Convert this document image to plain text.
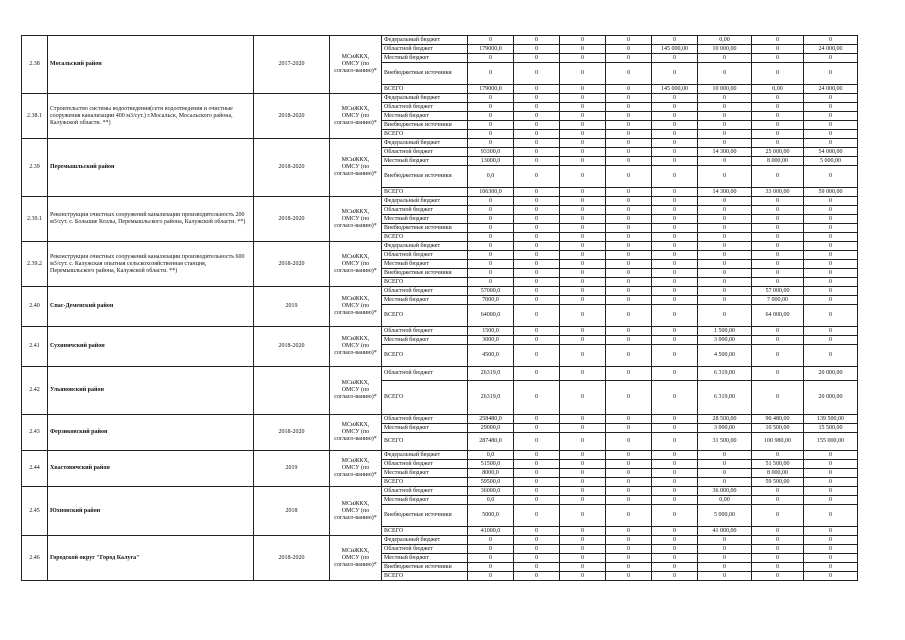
2.38	Мосальский район	2017-2020	МСиЖКХ, ОМСУ (по согласо-ванию)*	Федеральный бюджет	0	0	0	0	0	0,00	0	0
				Областной бюджет	179000,0	0	0	0	145 000,00	10 000,00	0	24 000,00
				Местный бюджет	0	0	0	0	0	0	0	0
				Внебюджетные источники	0	0	0	0	0	0	0	0
				ВСЕГО	179000,0	0	0	0	145 000,00	10 000,00	0,00	24 000,00
2.38.1	Строительство системы водоотведения(сети водоотведения и очистные сооружения канализации 400 м3/сут.) г.Мосальск, Мосальского района, Калужской области. **)	2018-2020	МСиЖКХ, ОМСУ (по согласо-ванию)*	Федеральный бюджет	0	0	0	0	0	0	0	0
				Областной бюджет	0	0	0	0	0	0	0	0
				Местный бюджет	0	0	0	0	0	0	0	0
				Внебюджетные источники	0	0	0	0	0	0	0	0
				ВСЕГО	0	0	0	0	0	0	0	0
2.39	Перемышльский район	2018-2020	МСиЖКХ, ОМСУ (по согласо-ванию)*	Федеральный бюджет	0	0	0	0	0	0	0	0
				Областной бюджет	93300,0	0	0	0	0	14 300,00	25 000,00	54 000,00
				Местный бюджет	13000,0	0	0	0	0	0	8 000,00	5 000,00
				Внебюджетные источники	0,0	0	0	0	0	0	0	0
				ВСЕГО	106300,0	0	0	0	0	14 300,00	33 000,00	59 000,00
2.39.1	Реконструкция очистных сооружений канализации производительность 200 м3/сут. с. Большие Козлы, Перемышльского района, Калужской области. **)	2018-2020	МСиЖКХ, ОМСУ (по согласо-ванию)*	Федеральный бюджет	0	0	0	0	0	0	0	0
				Областной бюджет	0	0	0	0	0	0	0	0
				Местный бюджет	0	0	0	0	0	0	0	0
				Внебюджетные источники	0	0	0	0	0	0	0	0
				ВСЕГО	0	0	0	0	0	0	0	0
2.39.2	Реконструкция очистных сооружений канализации производительность 600 м3/сут. с. Калужская опытная сельскохозяйственная станция, Перемышльского района, Калужской области. **)	2018-2020	МСиЖКХ, ОМСУ (по согласо-ванию)*	Федеральный бюджет	0	0	0	0	0	0	0	0
				Областной бюджет	0	0	0	0	0	0	0	0
				Местный бюджет	0	0	0	0	0	0	0	0
				Внебюджетные источники	0	0	0	0	0	0	0	0
				ВСЕГО	0	0	0	0	0	0	0	0
2.40	Спас-Деменский район	2019	МСиЖКХ, ОМСУ (по согласо-ванию)*	Областной бюджет	57000,0	0	0	0	0	0	57 000,00	0
				Местный бюджет	7000,0	0	0	0	0	0	7 000,00	0
				ВСЕГО	64000,0	0	0	0	0	0	64 000,00	0
2.41	Сухиничский район	2018-2020	МСиЖКХ, ОМСУ (по согласо-ванию)*	Областной бюджет	1500,0	0	0	0	0	1 500,00	0	0
				Местный бюджет	3000,0	0	0	0	0	3 000,00	0	0
				ВСЕГО	4500,0	0	0	0	0	4 500,00	0	0
2.42	Ульяновский район		МСиЖКХ, ОМСУ (по согласо-ванию)*	Областной бюджет	26319,0	0	0	0	0	6 319,00	0	20 000,00
				ВСЕГО	26319,0	0	0	0	0	6 319,00	0	20 000,00
2.43	Ферзиковский район	2018-2020	МСиЖКХ, ОМСУ (по согласо-ванию)*	Областной бюджет	258480,0	0	0	0	0	28 500,00	90 480,00	139 500,00
				Местный бюджет	29000,0	0	0	0	0	3 000,00	10 500,00	15 500,00
				ВСЕГО	287480,0	0	0	0	0	31 500,00	100 980,00	155 000,00
2.44	Хвастовичский район	2019	МСиЖКХ, ОМСУ (по согласо-ванию)*	Федеральный бюджет	0,0	0	0	0	0	0	0	0
				Областной бюджет	51500,0	0	0	0	0	0	51 500,00	0
				Местный бюджет	8000,0	0	0	0	0	0	8 000,00	0
				ВСЕГО	59500,0	0	0	0	0	0	59 500,00	0
2.45	Юхновский район	2018	МСиЖКХ, ОМСУ (по согласо-ванию)*	Областной бюджет	36000,0	0	0	0	0	36 000,00	0	0
				Местный бюджет	0,0	0	0	0	0	0,00	0	0
				Внебюджетные источники	5000,0	0	0	0	0	5 000,00	0	0
				ВСЕГО	41000,0	0	0	0	0	41 000,00	0	0
2.46	Городской округ "Город Калуга"	2018-2020	МСиЖКХ, ОМСУ (по согласо-ванию)*	Федеральный бюджет	0	0	0	0	0	0	0	0
				Областной бюджет	0	0	0	0	0	0	0	0
				Местный бюджет	0	0	0	0	0	0	0	0
				Внебюджетные источники	0	0	0	0	0	0	0	0
				ВСЕГО	0	0	0	0	0	0	0	0
